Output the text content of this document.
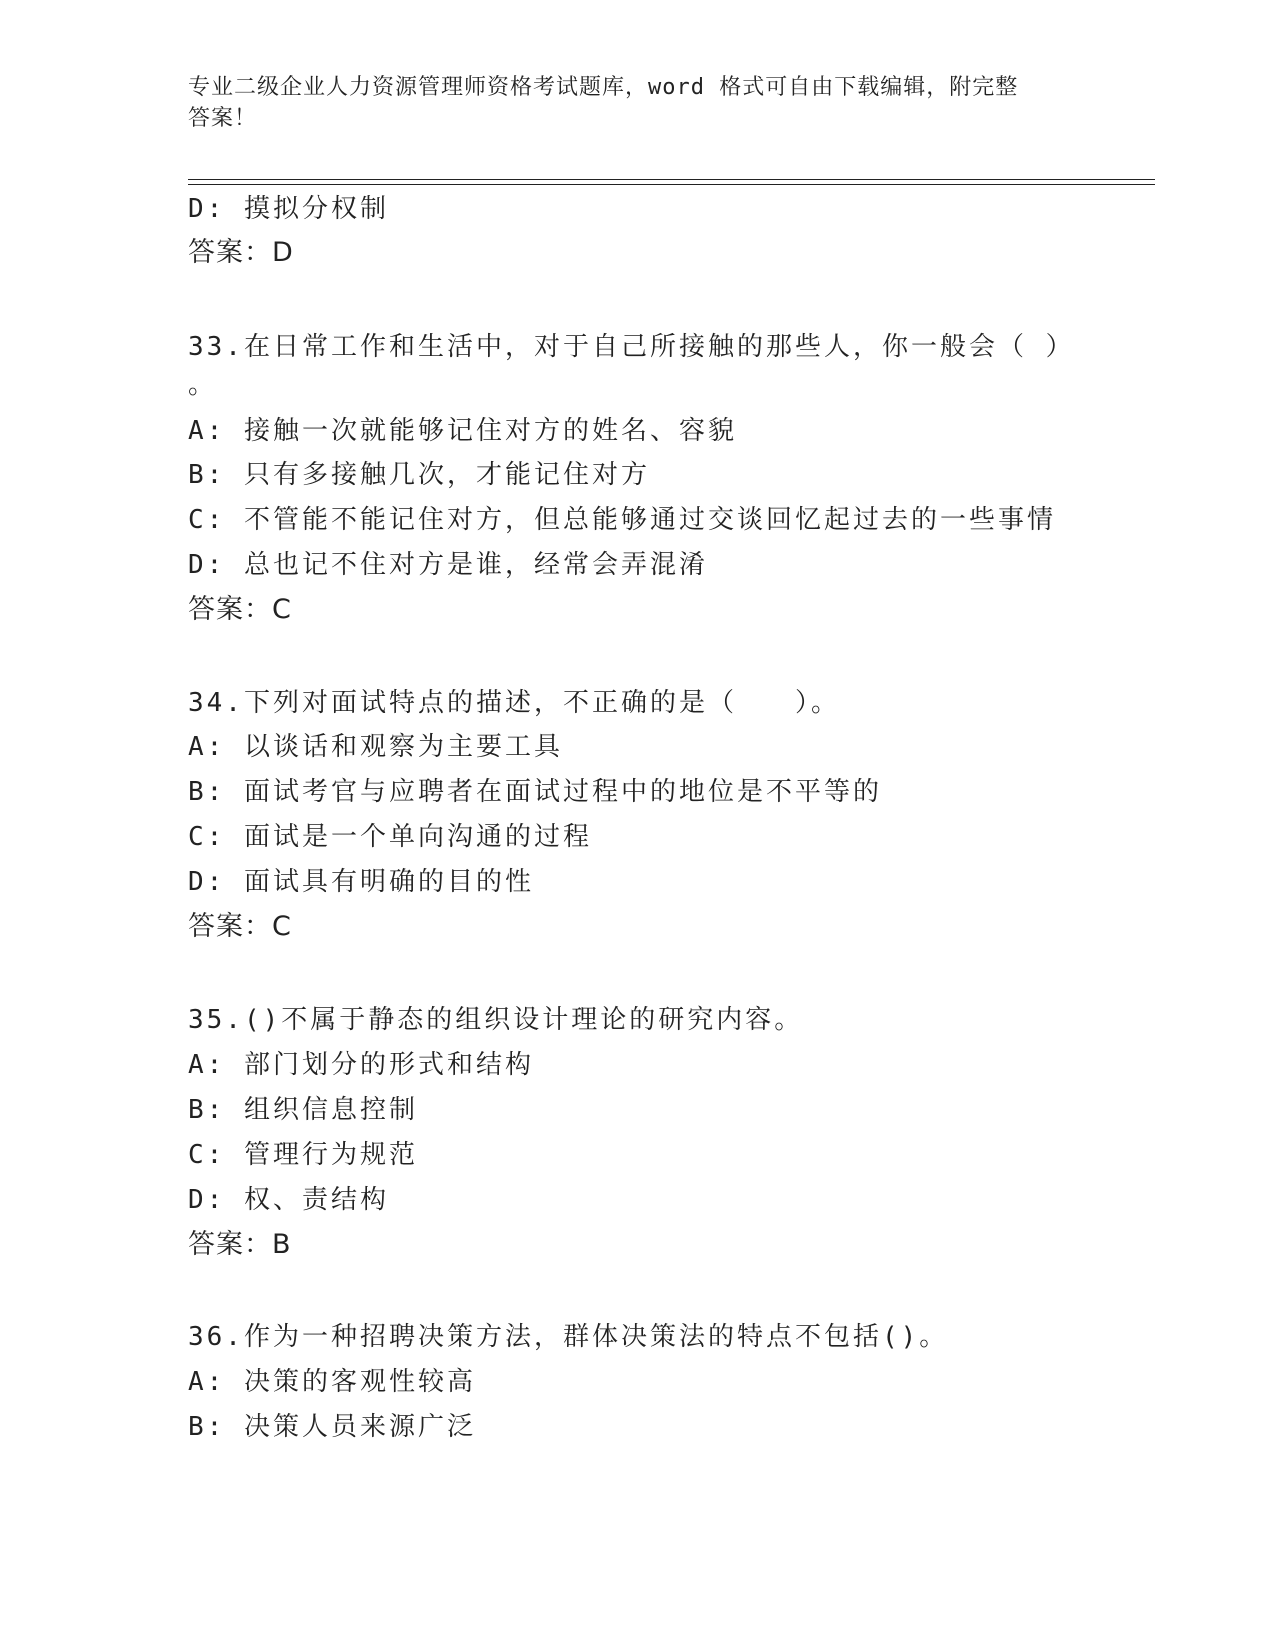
专业二级企业人力资源管理师资格考试题库，word 格式可自由下载编辑，附完整
答案！
D: 摸拟分权制
答案：D
33.在日常工作和生活中，对于自己所接触的那些人，你一般会（ ）
。
A: 接触一次就能够记住对方的姓名、容貌
B: 只有多接触几次，才能记住对方
C: 不管能不能记住对方，但总能够通过交谈回忆起过去的一些事情
D: 总也记不住对方是谁，经常会弄混淆
答案：C
34.下列对面试特点的描述，不正确的是（　　）。
A: 以谈话和观察为主要工具
B: 面试考官与应聘者在面试过程中的地位是不平等的
C: 面试是一个单向沟通的过程
D: 面试具有明确的目的性
答案：C
35.()不属于静态的组织设计理论的研究内容。
A: 部门划分的形式和结构
B: 组织信息控制
C: 管理行为规范
D: 权、责结构
答案：B
36.作为一种招聘决策方法，群体决策法的特点不包括()。
A: 决策的客观性较高
B: 决策人员来源广泛
